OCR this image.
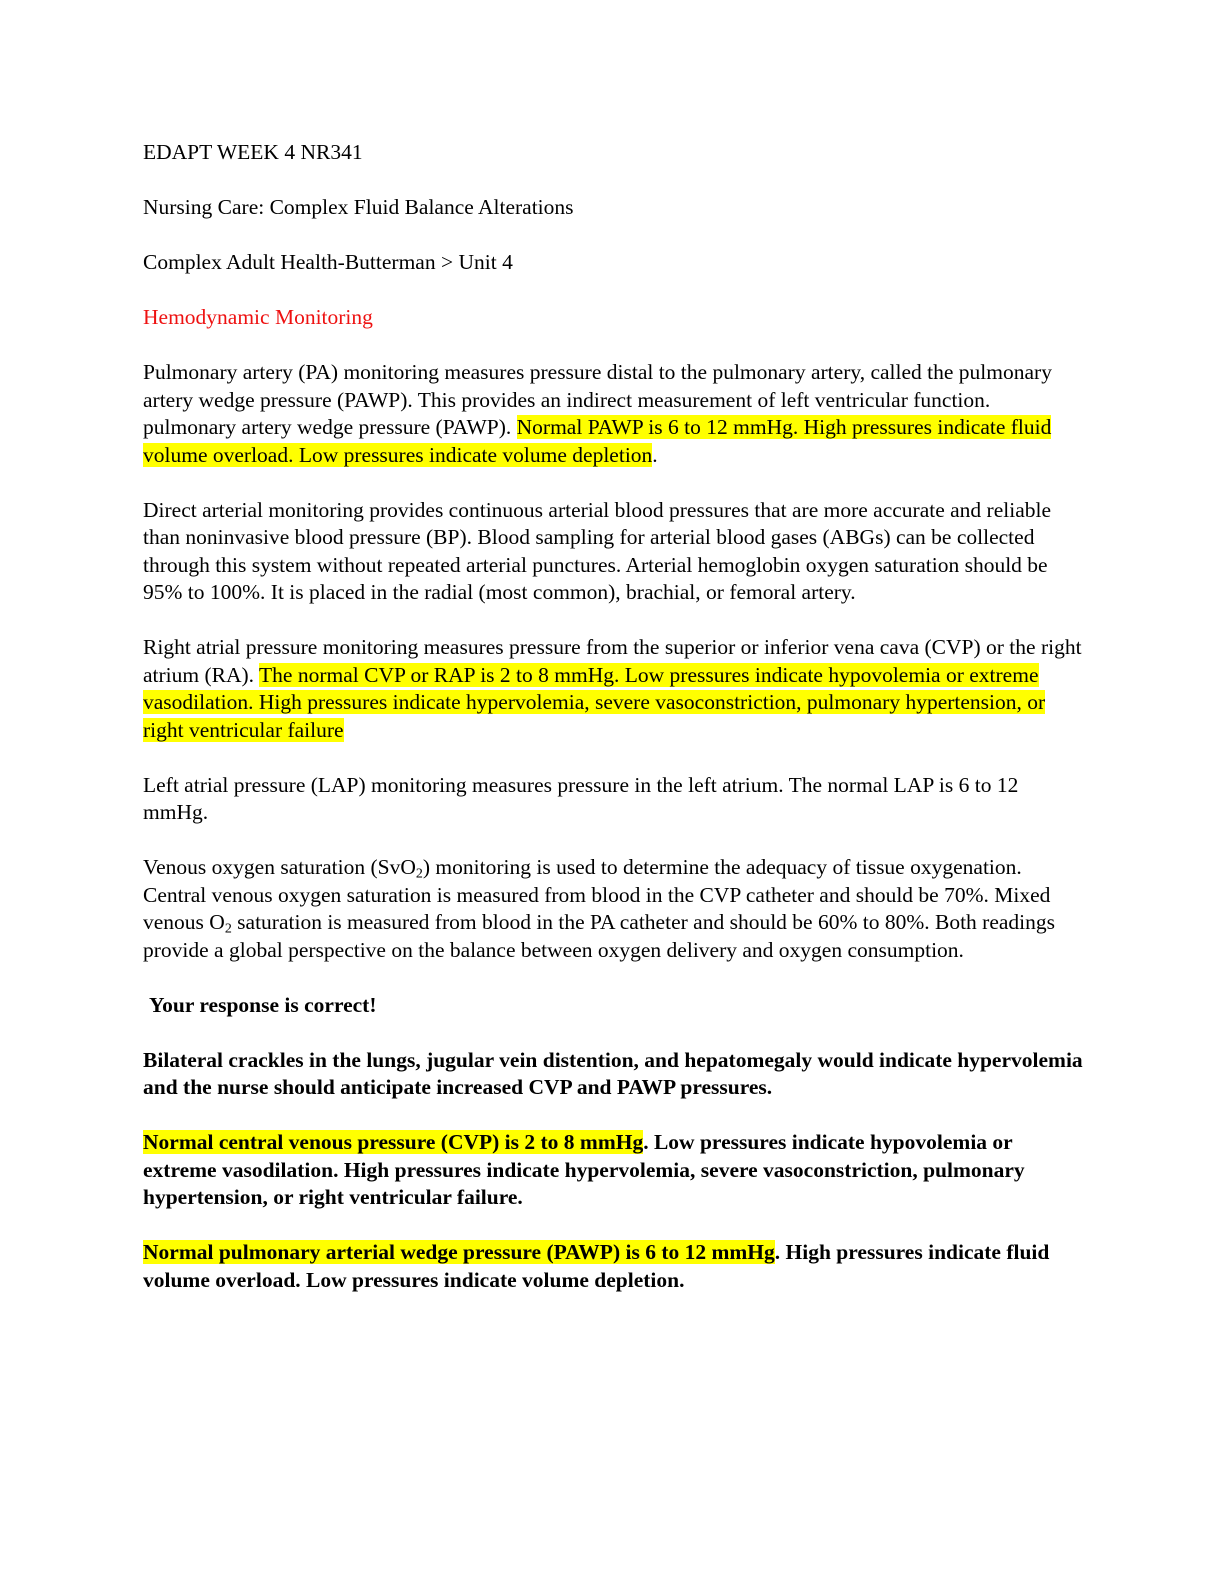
EDAPT WEEK 4 NR341

Nursing Care: Complex Fluid Balance Alterations

Complex Adult Health-Butterman > Unit 4

Hemodynamic Monitoring

Pulmonary artery (PA) monitoring measures pressure distal to the pulmonary artery, called the pulmonary artery wedge pressure (PAWP). This provides an indirect measurement of left ventricular function. pulmonary artery wedge pressure (PAWP). Normal PAWP is 6 to 12 mmHg. High pressures indicate fluid volume overload. Low pressures indicate volume depletion.

Direct arterial monitoring provides continuous arterial blood pressures that are more accurate and reliable than noninvasive blood pressure (BP). Blood sampling for arterial blood gases (ABGs) can be collected through this system without repeated arterial punctures. Arterial hemoglobin oxygen saturation should be 95% to 100%. It is placed in the radial (most common), brachial, or femoral artery.

Right atrial pressure monitoring measures pressure from the superior or inferior vena cava (CVP) or the right atrium (RA). The normal CVP or RAP is 2 to 8 mmHg. Low pressures indicate hypovolemia or extreme vasodilation. High pressures indicate hypervolemia, severe vasoconstriction, pulmonary hypertension, or right ventricular failure

Left atrial pressure (LAP) monitoring measures pressure in the left atrium. The normal LAP is 6 to 12 mmHg.

Venous oxygen saturation (SvO$_2$) monitoring is used to determine the adequacy of tissue oxygenation. Central venous oxygen saturation is measured from blood in the CVP catheter and should be 70%. Mixed venous $O_2$ saturation is measured from blood in the PA catheter and should be 60% to 80%. Both readings provide a global perspective on the balance between oxygen delivery and oxygen consumption.

Your response is correct!

Bilateral crackles in the lungs, jugular vein distention, and hepatomegaly would indicate hypervolemia and the nurse should anticipate increased CVP and PAWP pressures.

Normal central venous pressure (CVP) is 2 to 8 mmHg. Low pressures indicate hypovolemia or extreme vasodilation. High pressures indicate hypervolemia, severe vasoconstriction, pulmonary hypertension, or right ventricular failure.

Normal pulmonary arterial wedge pressure (PAWP) is 6 to 12 mmHg. High pressures indicate fluid volume overload. Low pressures indicate volume depletion.
